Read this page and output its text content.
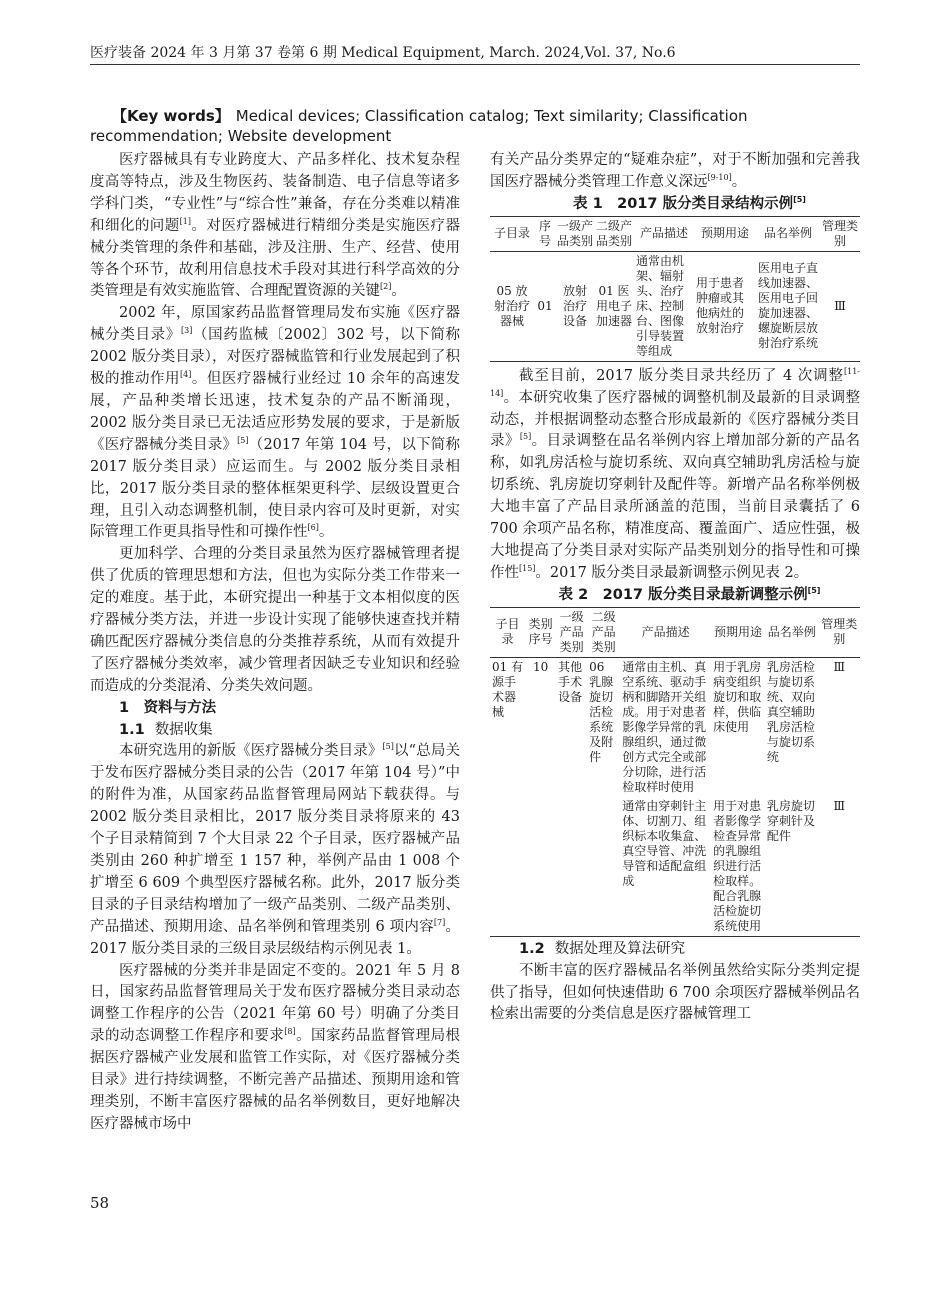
医疗装备 2024 年 3 月第 37 卷第 6 期 Medical Equipment, March. 2024,Vol. 37, No.6
【Key words】 Medical devices; Classification catalog; Text similarity; Classification recommendation; Website development

医疗器械具有专业跨度大、产品多样化、技术复杂程度高等特点，涉及生物医药、装备制造、电子信息等诸多学科门类，“专业性”与“综合性”兼备，存在分类难以精准和细化的问题[1]。对医疗器械进行精细分类是实施医疗器械分类管理的条件和基础，涉及注册、生产、经营、使用等各个环节，故利用信息技术手段对其进行科学高效的分类管理是有效实施监管、合理配置资源的关键[2]。

2002 年，原国家药品监督管理局发布实施《医疗器械分类目录》[3]（国药监械〔2002〕302 号，以下简称 2002 版分类目录），对医疗器械监管和行业发展起到了积极的推动作用[4]。但医疗器械行业经过 10 余年的高速发展，产品种类增长迅速，技术复杂的产品不断涌现，2002 版分类目录已无法适应形势发展的要求，于是新版《医疗器械分类目录》[5]（2017 年第 104 号，以下简称 2017 版分类目录）应运而生。与 2002 版分类目录相比，2017 版分类目录的整体框架更科学、层级设置更合理，且引入动态调整机制，使目录内容可及时更新，对实际管理工作更具指导性和可操作性[6]。

更加科学、合理的分类目录虽然为医疗器械管理者提供了优质的管理思想和方法，但也为实际分类工作带来一定的难度。基于此，本研究提出一种基于文本相似度的医疗器械分类方法，并进一步设计实现了能够快速查找并精确匹配医疗器械分类信息的分类推荐系统，从而有效提升了医疗器械分类效率，减少管理者因缺乏专业知识和经验而造成的分类混淆、分类失效问题。

1　 资料与方法

1.1 数据收集

本研究选用的新版《医疗器械分类目录》[5]以“总局关于发布医疗器械分类目录的公告（2017 年第 104 号）”中的附件为准，从国家药品监督管理局网站下载获得。与 2002 版分类目录相比，2017 版分类目录将原来的 43 个子目录精简到 7 个大目录 22 个子目录，医疗器械产品类别由 260 种扩增至 1 157 种，举例产品由 1 008 个扩增至 6 609 个典型医疗器械名称。此外，2017 版分类目录的子目录结构增加了一级产品类别、二级产品类别、产品描述、预期用途、品名举例和管理类别 6 项内容[7]。2017 版分类目录的三级目录层级结构示例见表 1。

医疗器械的分类并非是固定不变的。2021 年 5 月 8 日，国家药品监督管理局关于发布医疗器械分类目录动态调整工作程序的公告（2021 年第 60 号）明确了分类目录的动态调整工作程序和要求[8]。国家药品监督管理局根据医疗器械产业发展和监管工作实际，对《医疗器械分类目录》进行持续调整，不断完善产品描述、预期用途和管理类别，不断丰富医疗器械的品名举例数目，更好地解决医疗器械市场中

有关产品分类界定的“疑难杂症”，对于不断加强和完善我国医疗器械分类管理工作意义深远[9-10]。

表 1　2017 版分类目录结构示例[5]

子目录	序号	一级产品类别	二级产品类别	产品描述	预期用途	品名举例	管理类别
05 放射治疗器械	01	放射治疗设备	01 医用电子加速器	通常由机架、辐射头、治疗床、控制台、图像引导装置等组成	用于患者肿瘤或其他病灶的放射治疗	医用电子直线加速器、医用电子回旋加速器、螺旋断层放射治疗系统	Ⅲ

截至目前，2017 版分类目录共经历了 4 次调整[11-14]。本研究收集了医疗器械的调整机制及最新的目录调整动态，并根据调整动态整合形成最新的《医疗器械分类目录》[5]。目录调整在品名举例内容上增加部分新的产品名称，如乳房活检与旋切系统、双向真空辅助乳房活检与旋切系统、乳房旋切穿刺针及配件等。新增产品名称举例极大地丰富了产品目录所涵盖的范围，当前目录囊括了 6 700 余项产品名称，精准度高、覆盖面广、适应性强，极大地提高了分类目录对实际产品类别划分的指导性和可操作性[15]。2017 版分类目录最新调整示例见表 2。

表 2　2017 版分类目录最新调整示例[5]

子目录	类别序号	一级产品类别	二级产品类别	产品描述	预期用途	品名举例	管理类别
01 有源手术器械	10	其他手术设备	06 乳腺旋切活检系统及附件	通常由主机、真空系统、驱动手柄和脚踏开关组成。用于对患者影像学异常的乳腺组织，通过微创方式完全或部分切除，进行活检取样时使用	用于乳房病变组织旋切和取样，供临床使用	乳房活检与旋切系统、双向真空辅助乳房活检与旋切系统	Ⅲ
				通常由穿刺针主体、切割刀、组织标本收集盒、真空导管、冲洗导管和适配盒组成	用于对患者影像学检查异常的乳腺组织进行活检取样。配合乳腺活检旋切系统使用	乳房旋切穿刺针及配件	Ⅲ

1.2 数据处理及算法研究

不断丰富的医疗器械品名举例虽然给实际分类判定提供了指导，但如何快速借助 6 700 余项医疗器械举例品名检索出需要的分类信息是医疗器械管理工

58
